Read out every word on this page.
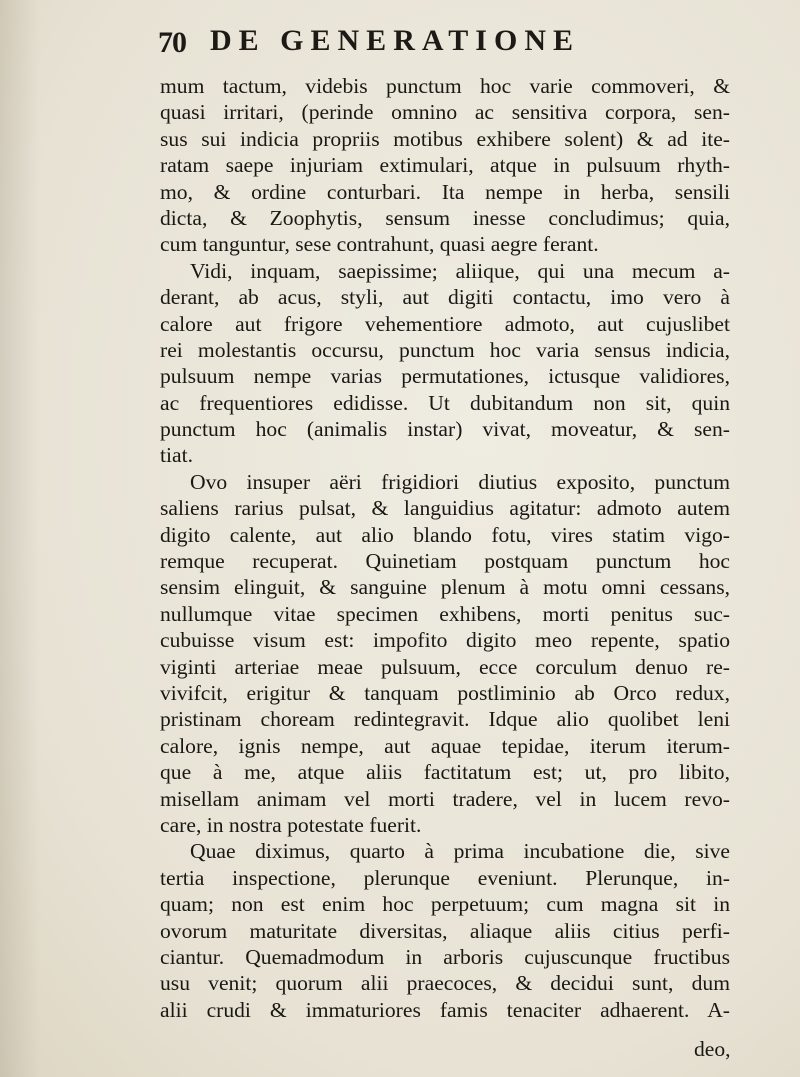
70 DE GENERATIONE
mum tactum, videbis punctum hoc varie commoveri, &
quasi irritari, (perinde omnino ac sensitiva corpora, sen-
sus sui indicia propriis motibus exhibere solent) & ad ite-
ratam saepe injuriam extimulari, atque in pulsuum rhyth-
mo, & ordine conturbari. Ita nempe in herba, sensili
dicta, & Zoophytis, sensum inesse concludimus; quia,
cum tanguntur, sese contrahunt, quasi aegre ferant.
Vidi, inquam, saepissime; aliique, qui una mecum a-
derant, ab acus, styli, aut digiti contactu, imo vero à
calore aut frigore vehementiore admoto, aut cujuslibet
rei molestantis occursu, punctum hoc varia sensus indicia,
pulsuum nempe varias permutationes, ictusque validiores,
ac frequentiores edidisse. Ut dubitandum non sit, quin
punctum hoc (animalis instar) vivat, moveatur, & sen-
tiat.
Ovo insuper aëri frigidiori diutius exposito, punctum
saliens rarius pulsat, & languidius agitatur: admoto autem
digito calente, aut alio blando fotu, vires statim vigo-
remque recuperat. Quinetiam postquam punctum hoc
sensim elinguit, & sanguine plenum à motu omni cessans,
nullumque vitae specimen exhibens, morti penitus suc-
cubuisse visum est: impofito digito meo repente, spatio
viginti arteriae meae pulsuum, ecce corculum denuo re-
vivifcit, erigitur & tanquam postliminio ab Orco redux,
pristinam choream redintegravit. Idque alio quolibet leni
calore, ignis nempe, aut aquae tepidae, iterum iterum-
que à me, atque aliis factitatum est; ut, pro libito,
misellam animam vel morti tradere, vel in lucem revo-
care, in nostra potestate fuerit.
Quae diximus, quarto à prima incubatione die, sive
tertia inspectione, plerunque eveniunt. Plerunque, in-
quam; non est enim hoc perpetuum; cum magna sit in
ovorum maturitate diversitas, aliaque aliis citius perfi-
ciantur. Quemadmodum in arboris cujuscunque fructibus
usu venit; quorum alii praecoces, & decidui sunt, dum
alii crudi & immaturiores famis tenaciter adhaerent. A-
deo,
